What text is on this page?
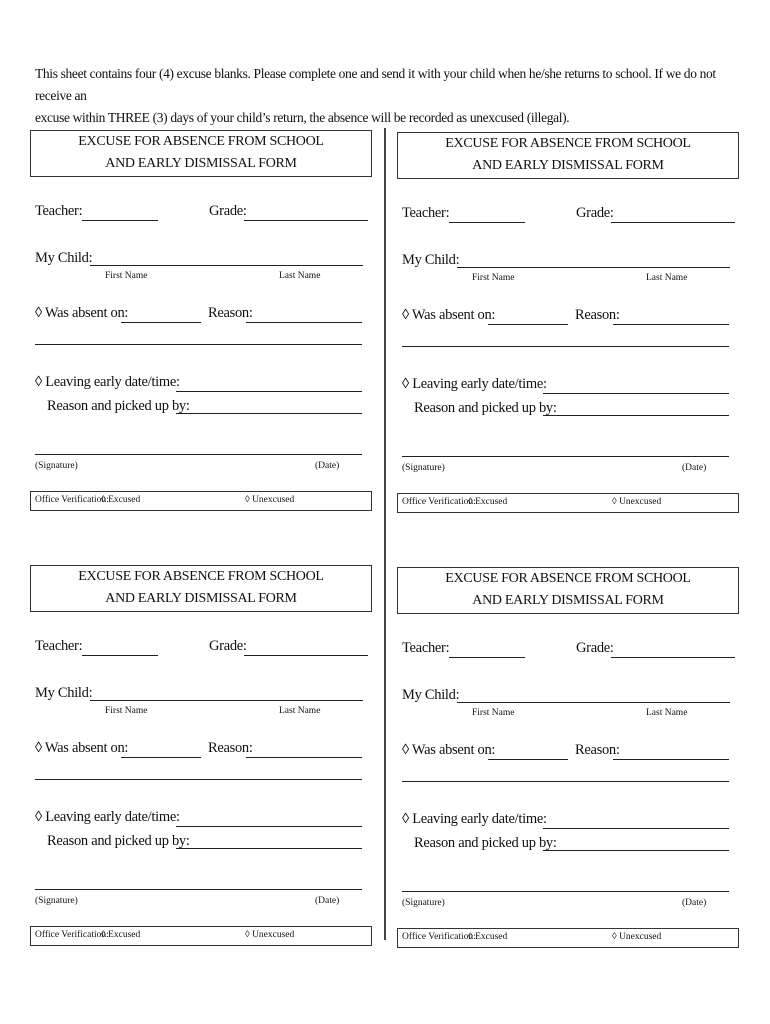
This sheet contains four (4) excuse blanks. Please complete one and send it with your child when he/she returns to school. If we do not receive an
excuse within THREE (3) days of your child’s return, the absence will be recorded as unexcused (illegal).
EXCUSE FOR ABSENCE FROM SCHOOL
AND EARLY DISMISSAL FORM
Teacher:	Grade:
My Child:
First Name	Last Name
◊ Was absent on:	Reason:
◊ Leaving early date/time:
Reason and picked up by:
(Signature)	(Date)
Office Verification:
◊ Excused	◊ Unexcused
EXCUSE FOR ABSENCE FROM SCHOOL
AND EARLY DISMISSAL FORM
Teacher:	Grade:
My Child:
First Name	Last Name
◊ Was absent on:	Reason:
◊ Leaving early date/time:
Reason and picked up by:
(Signature)	(Date)
Office Verification:
◊ Excused	◊ Unexcused
EXCUSE FOR ABSENCE FROM SCHOOL
AND EARLY DISMISSAL FORM
Teacher:	Grade:
My Child:
First Name	Last Name
◊ Was absent on:	Reason:
◊ Leaving early date/time:
Reason and picked up by:
(Signature)	(Date)
Office Verification:
◊ Excused	◊ Unexcused
EXCUSE FOR ABSENCE FROM SCHOOL
AND EARLY DISMISSAL FORM
Teacher:	Grade:
My Child:
First Name	Last Name
◊ Was absent on:	Reason:
◊ Leaving early date/time:
Reason and picked up by:
(Signature)	(Date)
Office Verification:
◊ Excused	◊ Unexcused
